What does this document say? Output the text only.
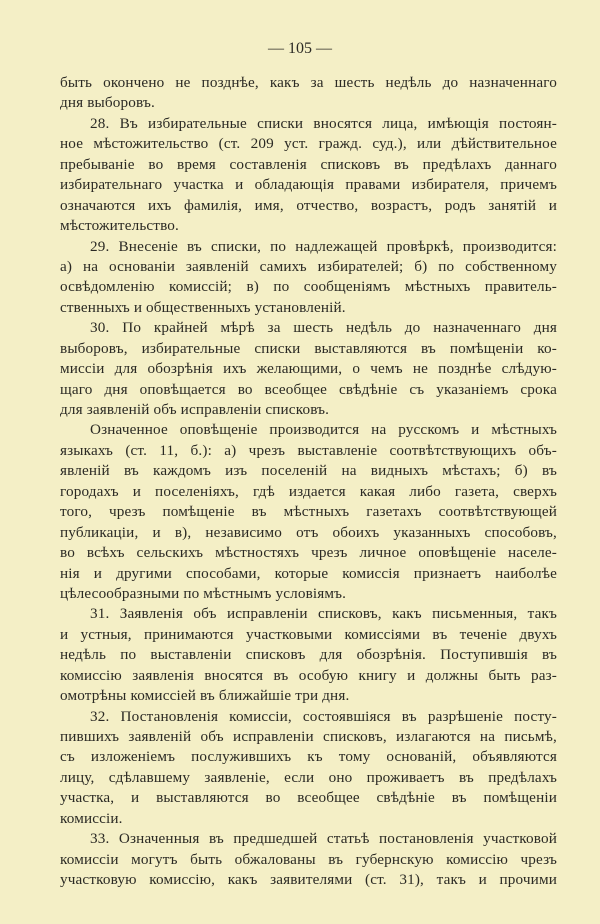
— 105 —
быть окончено не позднѣе, какъ за шесть недѣль до назначеннаго
дня выборовъ.
28. Въ избирательные списки вносятся лица, имѣющія постоян-
ное мѣстожительство (ст. 209 уст. гражд. суд.), или дѣйствительное
пребываніе во время составленія списковъ въ предѣлахъ даннаго
избирательнаго участка и обладающія правами избирателя, причемъ
означаются ихъ фамилія, имя, отчество, возрастъ, родъ занятій и
мѣстожительство.
29. Внесеніе въ списки, по надлежащей провѣркѣ, производится:
а) на основаніи заявленій самихъ избирателей; б) по собственному
освѣдомленію комиссій; в) по сообщеніямъ мѣстныхъ правитель-
ственныхъ и общественныхъ установленій.
30. По крайней мѣрѣ за шесть недѣль до назначеннаго дня
выборовъ, избирательные списки выставляются въ помѣщеніи ко-
миссіи для обозрѣнія ихъ желающими, о чемъ не позднѣе слѣдую-
щаго дня оповѣщается во всеобщее свѣдѣніе съ указаніемъ срока
для заявленій объ исправленіи списковъ.
Означенное оповѣщеніе производится на русскомъ и мѣстныхъ
языкахъ (ст. 11, б.): а) чрезъ выставленіе соотвѣтствующихъ объ-
явленій въ каждомъ изъ поселеній на видныхъ мѣстахъ; б) въ
городахъ и поселеніяхъ, гдѣ издается какая либо газета, сверхъ
того, чрезъ помѣщеніе въ мѣстныхъ газетахъ соотвѣтствующей
публикаціи, и в), независимо отъ обоихъ указанныхъ способовъ,
во всѣхъ сельскихъ мѣстностяхъ чрезъ личное оповѣщеніе населе-
нія и другими способами, которые комиссія признаетъ наиболѣе
цѣлесообразными по мѣстнымъ условіямъ.
31. Заявленія объ исправленіи списковъ, какъ письменныя, такъ
и устныя, принимаются участковыми комиссіями въ теченіе двухъ
недѣль по выставленіи списковъ для обозрѣнія. Поступившія въ
комиссію заявленія вносятся въ особую книгу и должны быть раз-
омотрѣны комиссіей въ ближайшіе три дня.
32. Постановленія комиссіи, состоявшіяся въ разрѣшеніе посту-
пившихъ заявленій объ исправленіи списковъ, излагаются на письмѣ,
съ изложеніемъ послужившихъ къ тому основаній, объявляются
лицу, сдѣлавшему заявленіе, если оно проживаетъ въ предѣлахъ
участка, и выставляются во всеобщее свѣдѣніе въ помѣщеніи
комиссіи.
33. Означенныя въ предшедшей статьѣ постановленія участковой
комиссіи могутъ быть обжалованы въ губернскую комиссію чрезъ
участковую комиссію, какъ заявителями (ст. 31), такъ и прочими
